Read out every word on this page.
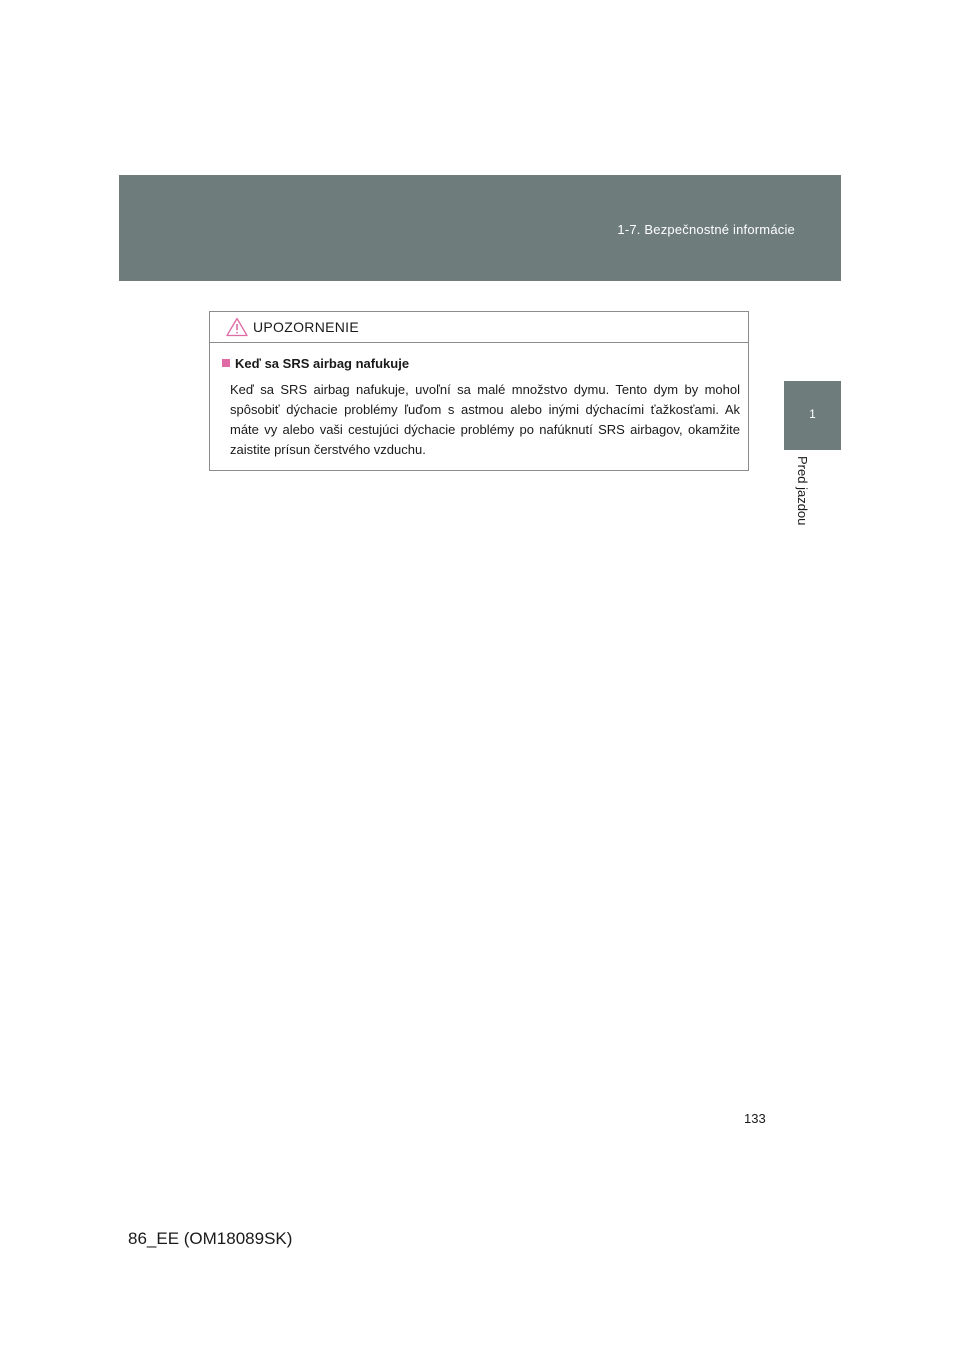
1-7. Bezpečnostné informácie
1
Pred jazdou
UPOZORNENIE
Keď sa SRS airbag nafukuje
Keď sa SRS airbag nafukuje, uvoľní sa malé množstvo dymu. Tento dym by mohol spôsobiť dýchacie problémy ľuďom s astmou alebo inými dýchacími ťažkosťami. Ak máte vy alebo vaši cestujúci dýchacie problémy po nafúknutí SRS airbagov, okamžite zaistite prísun čerstvého vzduchu.
133
86_EE (OM18089SK)
